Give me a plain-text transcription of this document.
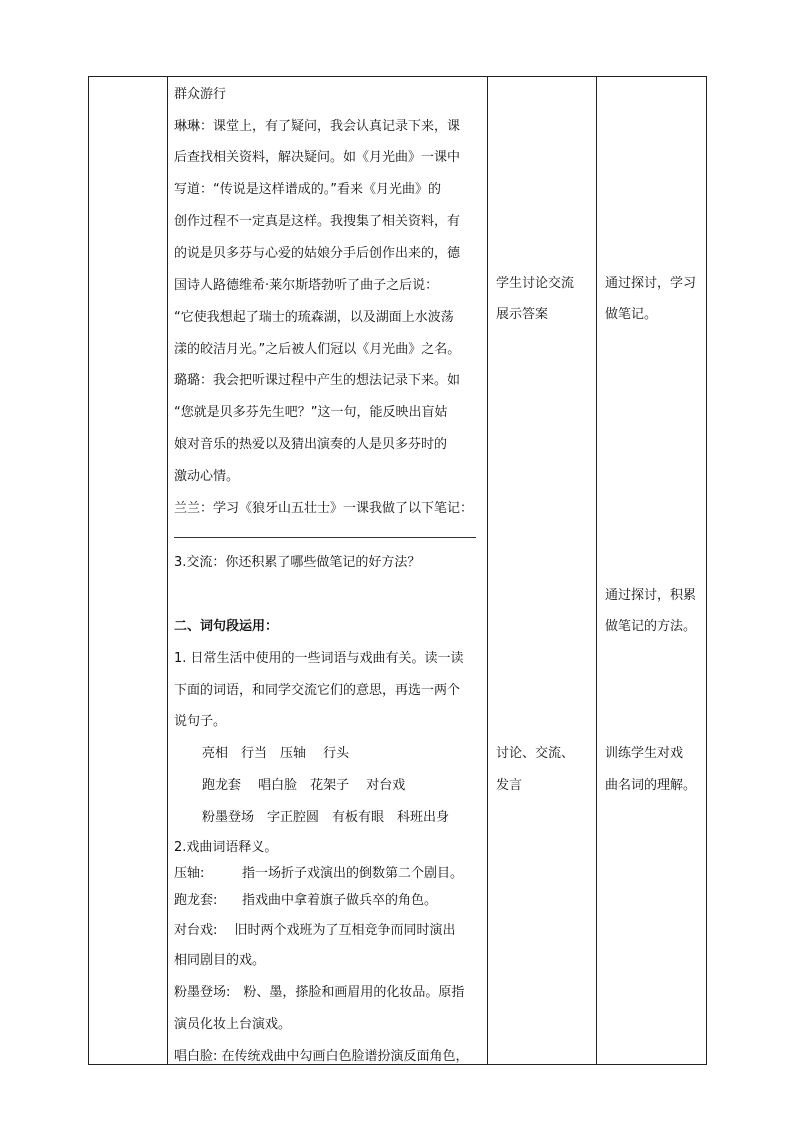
群众游行
琳琳：课堂上，有了疑问，我会认真记录下来，课
后查找相关资料，解决疑问。如《月光曲》一课中
写道：“传说是这样谱成的。”看来《月光曲》的
创作过程不一定真是这样。我搜集了相关资料，有
的说是贝多芬与心爱的姑娘分手后创作出来的，德
国诗人路德维希·莱尔斯塔勃听了曲子之后说：
“它使我想起了瑞士的琉森湖，以及湖面上水波荡
漾的皎洁月光。”之后被人们冠以《月光曲》之名。
璐璐：我会把听课过程中产生的想法记录下来。如
“您就是贝多芬先生吧？”这一句，能反映出盲姑
娘对音乐的热爱以及猜出演奏的人是贝多芬时的
激动心情。
兰兰：学习《狼牙山五壮士》一课我做了以下笔记：
3.交流：你还积累了哪些做笔记的好方法？
二、词句段运用：
1. 日常生活中使用的一些词语与戏曲有关。读一读
下面的词语，和同学交流它们的意思，再选一两个
说句子。
亮相　行当　压轴　 行头
跑龙套　 唱白脸　花架子　 对台戏
粉墨登场　字正腔圆　有板有眼　科班出身
2.戏曲词语释义。
压轴:	指一场折子戏演出的倒数第二个剧目。
跑龙套: 指戏曲中拿着旗子做兵卒的角色。
对台戏:　 旧时两个戏班为了互相竞争而同时演出
相同剧目的戏。
粉墨登场:　粉、墨，搽脸和画眉用的化妆品。原指
演员化妆上台演戏。
唱白脸: 在传统戏曲中勾画白色脸谱扮演反面角色，
学生讨论交流
展示答案
讨论、交流、
发言
通过探讨，学习
做笔记。
通过探讨，积累
做笔记的方法。
训练学生对戏
曲名词的理解。
